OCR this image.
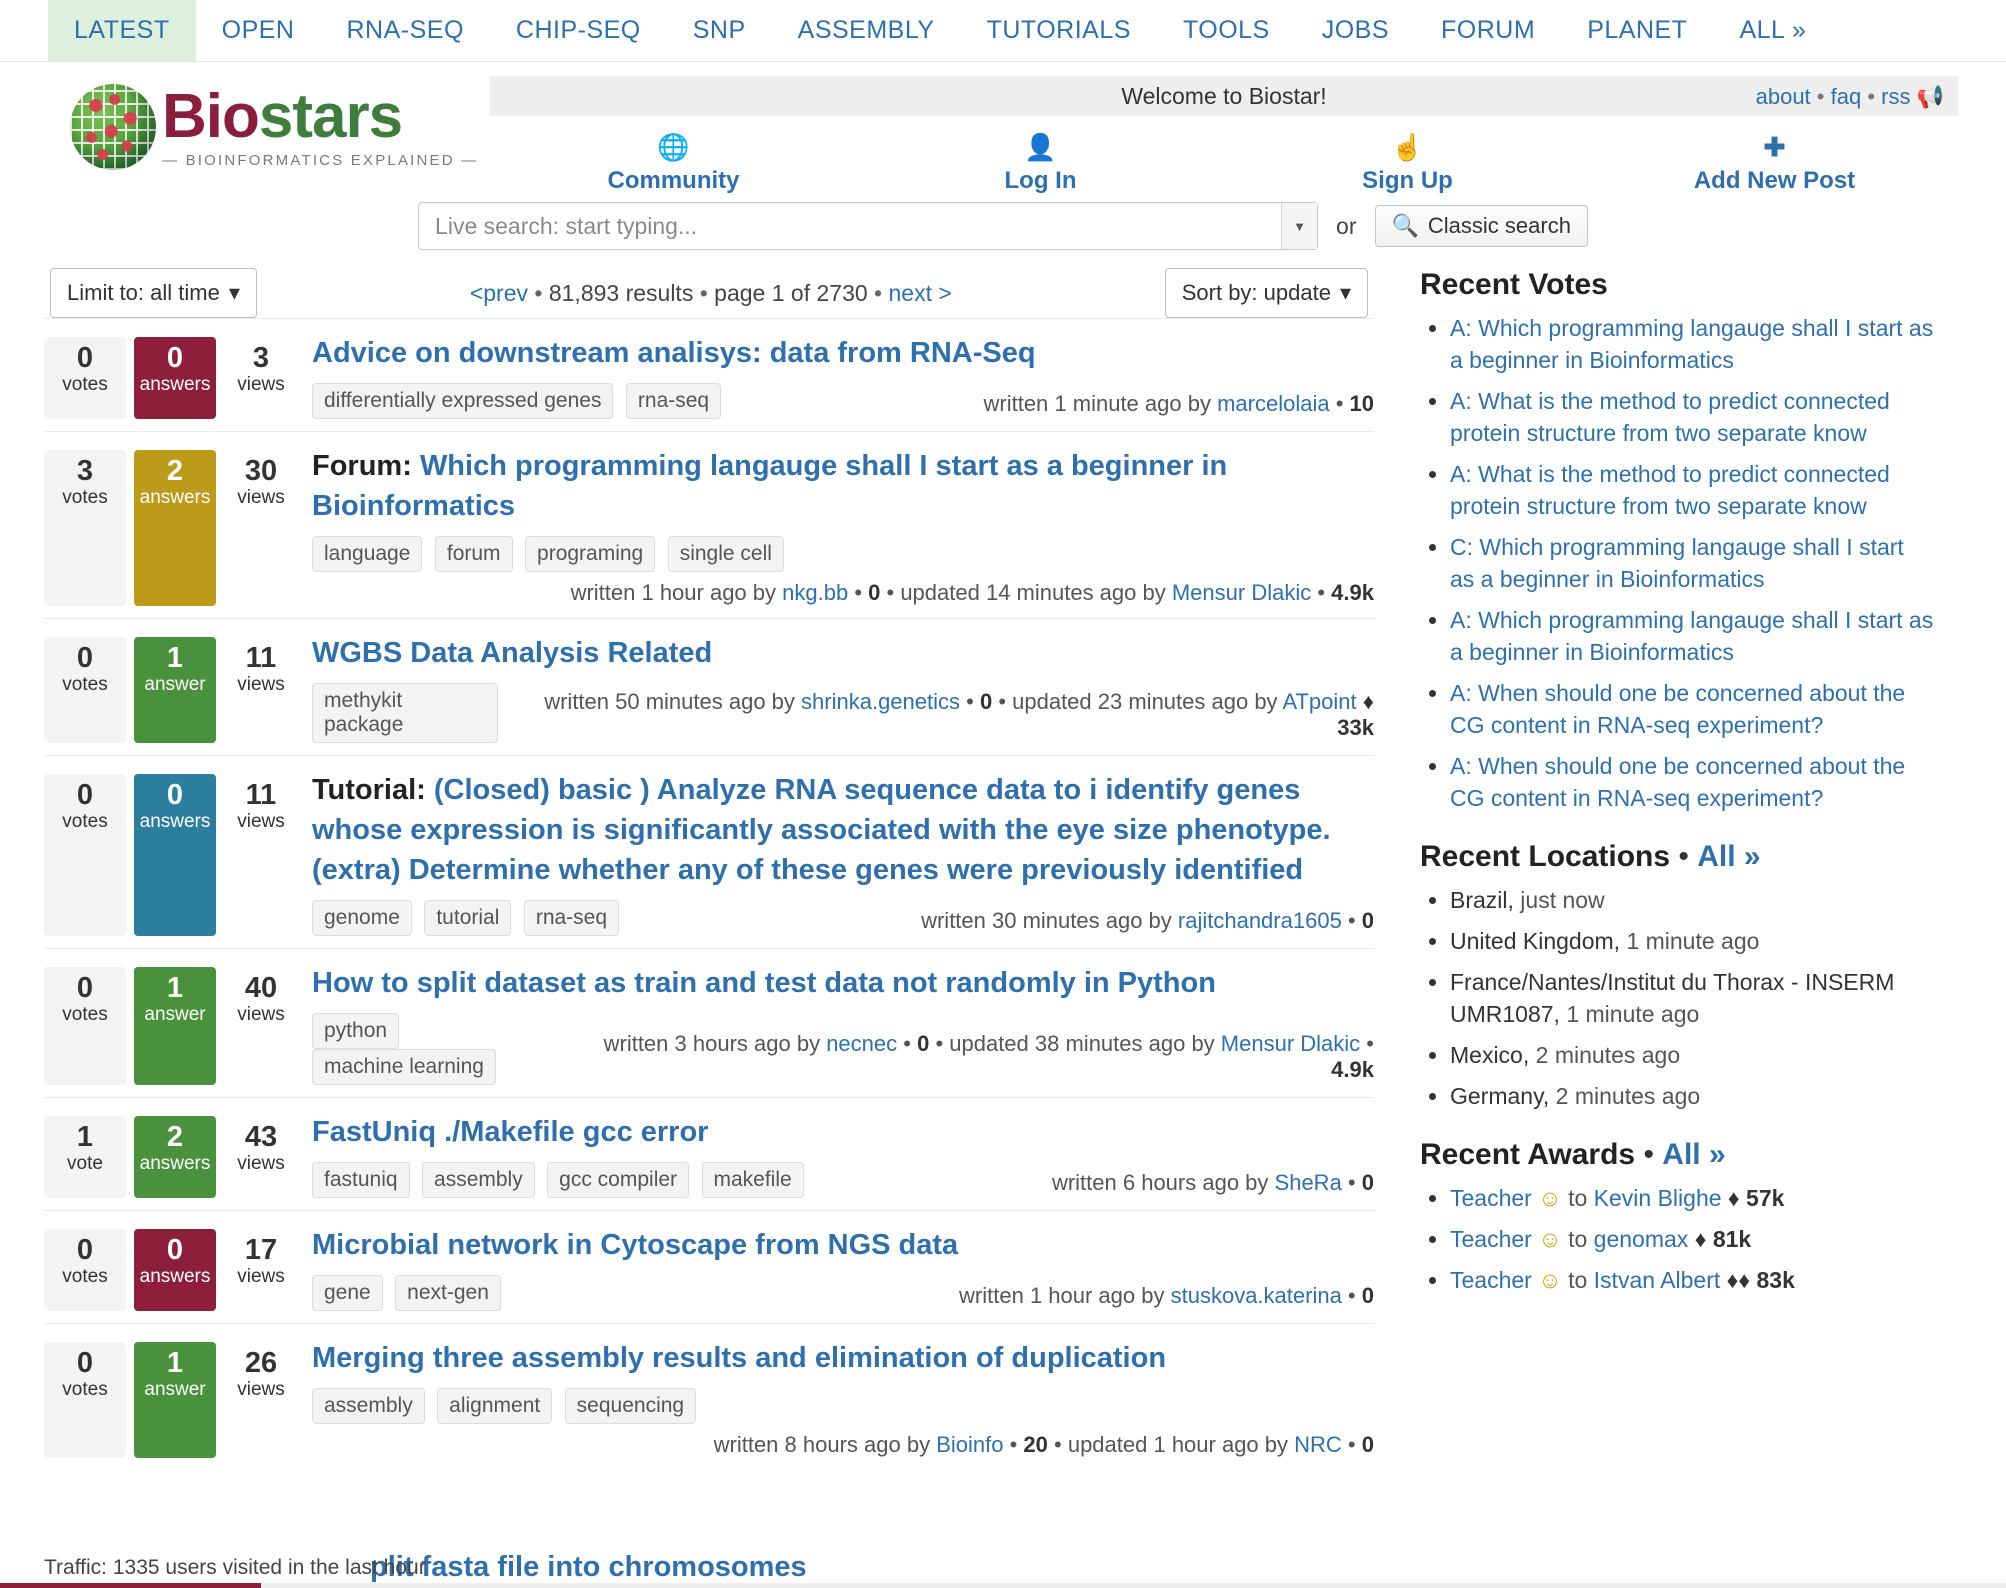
LATEST OPEN RNA-SEQ CHIP-SEQ SNP ASSEMBLY TUTORIALS TOOLS JOBS FORUM PLANET ALL »
Biostars
— BIOINFORMATICS EXPLAINED —
Welcome to Biostar!	about • faq • rss 📢
🌐
Community
👤
Log In
☝
Sign Up
✚
Add New Post
Live search: start typing...
▼	or 🔍 Classic search
Limit to: all time ▾	<prev • 81,893 results • page 1 of 2730 • next >	Sort by: update ▾
0
votes
0
answers
3
views
Advice on downstream analisys: data from RNA-Seq
differentially expressed genes rna-seq	written 1 minute ago by marcelolaia • 10
3
votes
2
answers
30
views
Forum: Which programming langauge shall I start as a beginner in Bioinformatics
language forum programing single cell
written 1 hour ago by nkg.bb • 0 • updated 14 minutes ago by Mensur Dlakic • 4.9k
0
votes
1
answer
11
views
WGBS Data Analysis Related
methykit package
written 50 minutes ago by shrinka.genetics • 0 • updated 23 minutes ago by ATpoint ♦ 33k
0
votes
0
answers
11
views
Tutorial: (Closed) basic ) Analyze RNA sequence data to i identify genes whose expression is significantly associated with the eye size phenotype. (extra) Determine whether any of these genes were previously identified
genome tutorial rna-seq	written 30 minutes ago by rajitchandra1605 • 0
0
votes
1
answer
40
views
How to split dataset as train and test data not randomly in Python
python machine learning
written 3 hours ago by necnec • 0 • updated 38 minutes ago by Mensur Dlakic • 4.9k
1
vote
2
answers
43
views
FastUniq ./Makefile gcc error
fastuniq assembly gcc compiler makefile	written 6 hours ago by SheRa • 0
0
votes
0
answers
17
views
Microbial network in Cytoscape from NGS data
gene next-gen	written 1 hour ago by stuskova.katerina • 0
0
votes
1
answer
26
views
Merging three assembly results and elimination of duplication
assembly alignment sequencing
written 8 hours ago by Bioinfo • 20 • updated 1 hour ago by NRC • 0
Recent Votes
• A: Which programming langauge shall I start as a beginner in Bioinformatics
• A: What is the method to predict connected protein structure from two separate know
• A: What is the method to predict connected protein structure from two separate know
• C: Which programming langauge shall I start as a beginner in Bioinformatics
• A: Which programming langauge shall I start as a beginner in Bioinformatics
• A: When should one be concerned about the CG content in RNA-seq experiment?
• A: When should one be concerned about the CG content in RNA-seq experiment?
Recent Locations • All »
• Brazil, just now
• United Kingdom, 1 minute ago
• France/Nantes/Institut du Thorax - INSERM UMR1087, 1 minute ago
• Mexico, 2 minutes ago
• Germany, 2 minutes ago
Recent Awards • All »
• Teacher ☺ to Kevin Blighe ♦ 57k
• Teacher ☺ to genomax ♦ 81k
• Teacher ☺ to Istvan Albert ♦♦ 83k
plit fasta file into chromosomes
Traffic: 1335 users visited in the last hour
